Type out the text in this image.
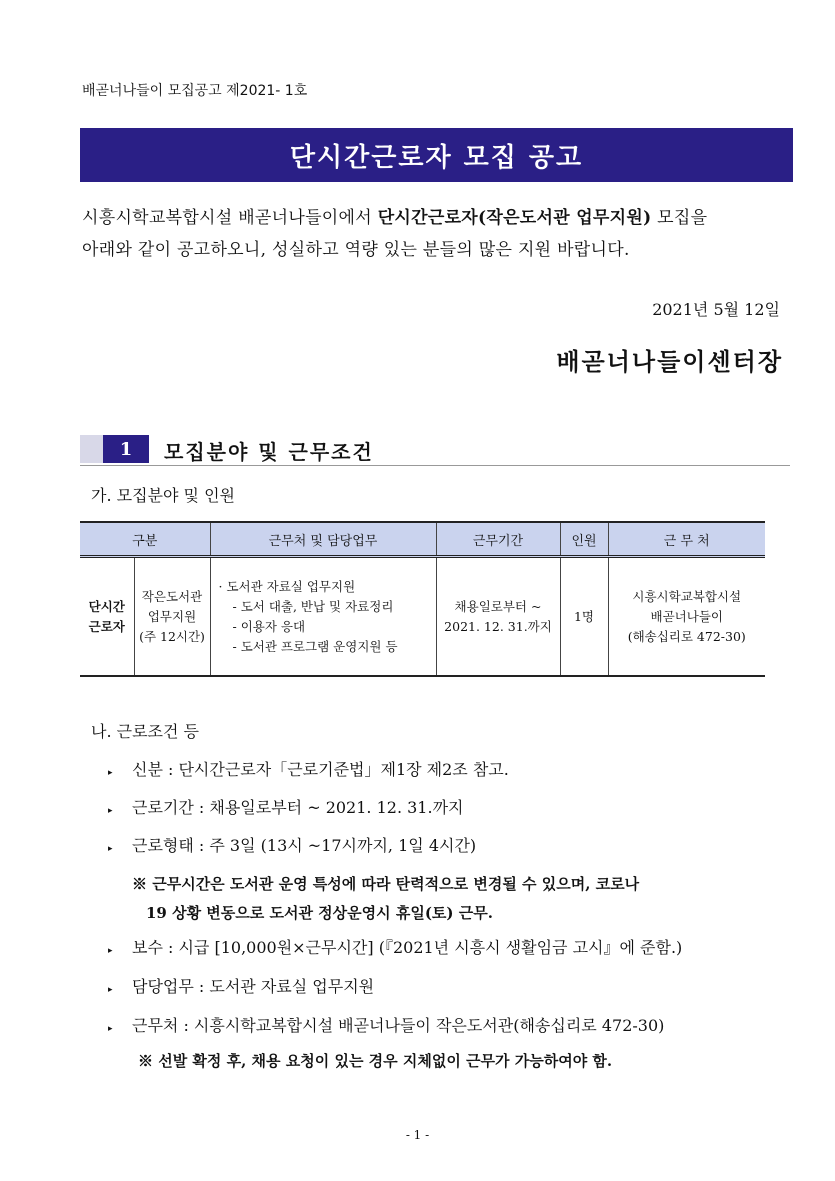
배곧너나들이 모집공고 제2021- 1호
단시간근로자 모집 공고
시흥시학교복합시설 배곧너나들이에서 단시간근로자(작은도서관 업무지원) 모집을
아래와 같이 공고하오니, 성실하고 역량 있는 분들의 많은 지원 바랍니다.
2021년 5월 12일
배곧너나들이센터장
1	모집분야 및 근무조건
가. 모집분야 및 인원
구분		근무처 및 담당업무	근무기간	인원	근 무 처
단시간
근로자	작은도서관
업무지원
(주 12시간)	· 도서관 자료실 업무지원
- 도서 대출, 반납 및 자료정리
- 이용자 응대
- 도서관 프로그램 운영지원 등	채용일로부터 ~
2021. 12. 31.까지	1명	시흥시학교복합시설
배곧너나들이
(해송십리로 472-30)
나. 근로조건 등
▸	신분 : 단시간근로자「근로기준법」제1장 제2조 참고.
▸	근로기간 : 채용일로부터 ~ 2021. 12. 31.까지
▸	근로형태 : 주 3일 (13시 ~17시까지, 1일 4시간)
※ 근무시간은 도서관 운영 특성에 따라 탄력적으로 변경될 수 있으며, 코로나
19 상황 변동으로 도서관 정상운영시 휴일(토) 근무.
▸	보수 : 시급 [10,000원×근무시간] (『2021년 시흥시 생활임금 고시』에 준함.)
▸	담당업무 : 도서관 자료실 업무지원
▸	근무처 : 시흥시학교복합시설 배곧너나들이 작은도서관(해송십리로 472-30)
※ 선발 확정 후, 채용 요청이 있는 경우 지체없이 근무가 가능하여야 함.
- 1 -
